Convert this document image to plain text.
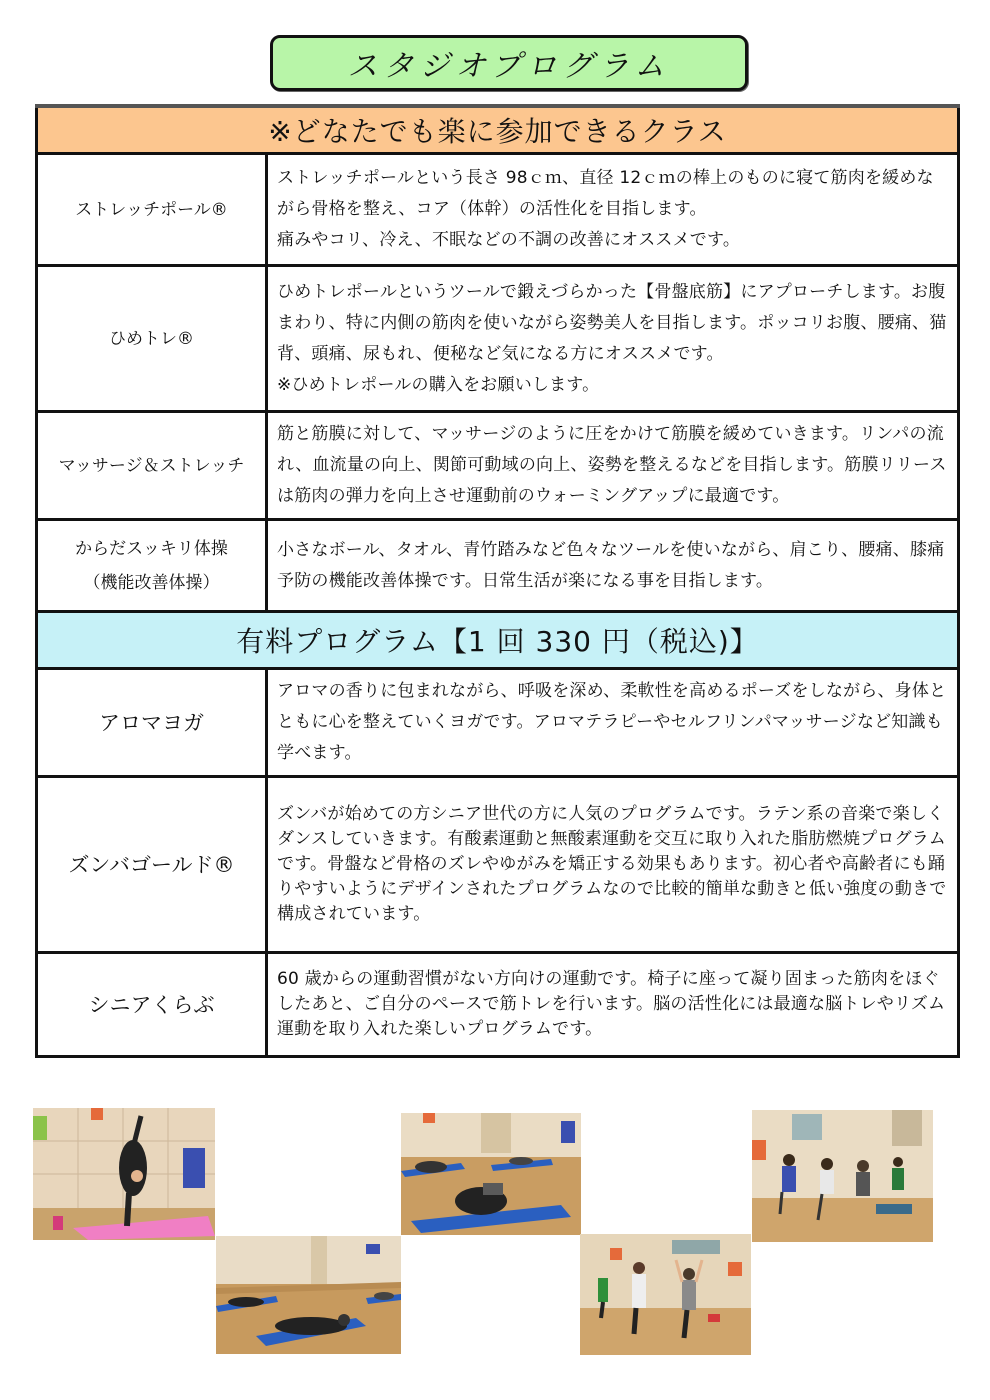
スタジオプログラム
※どなたでも楽に参加できるクラス	
ストレッチポール®	ストレッチポールという長さ 98ｃｍ、直径 12ｃｍの棒上のものに寝て筋肉を緩めながら骨格を整え、コア（体幹）の活性化を目指します。

痛みやコリ、冷え、不眠などの不調の改善にオススメです。

ひめトレ®	ひめトレポールというツールで鍛えづらかった【骨盤底筋】にアプローチします。お腹まわり、特に内側の筋肉を使いながら姿勢美人を目指します。ポッコリお腹、腰痛、猫背、頭痛、尿もれ、便秘など気になる方にオススメです。

※ひめトレポールの購入をお願いします。

マッサージ＆ストレッチ	筋と筋膜に対して、マッサージのように圧をかけて筋膜を緩めていきます。リンパの流れ、血流量の向上、関節可動域の向上、姿勢を整えるなどを目指します。筋膜リリースは筋肉の弾力を向上させ運動前のウォーミングアップに最適です。

からだスッキリ体操
（機能改善体操）	小さなボール、タオル、青竹踏みなど色々なツールを使いながら、肩こり、腰痛、膝痛予防の機能改善体操です。日常生活が楽になる事を目指します。

有料プログラム【1 回 330 円（税込)】	
アロマヨガ	アロマの香りに包まれながら、呼吸を深め、柔軟性を高めるポーズをしながら、身体とともに心を整えていくヨガです。アロマテラピーやセルフリンパマッサージなど知識も学べます。

ズンバゴールド®	ズンバが始めての方シニア世代の方に人気のプログラムです。ラテン系の音楽で楽しくダンスしていきます。有酸素運動と無酸素運動を交互に取り入れた脂肪燃焼プログラムです。骨盤など骨格のズレやゆがみを矯正する効果もあります。初心者や高齢者にも踊りやすいようにデザインされたプログラムなので比較的簡単な動きと低い強度の動きで構成されています。

シニアくらぶ	60 歳からの運動習慣がない方向けの運動です。椅子に座って凝り固まった筋肉をほぐしたあと、ご自分のペースで筋トレを行います。脳の活性化には最適な脳トレやリズム運動を取り入れた楽しいプログラムです。
